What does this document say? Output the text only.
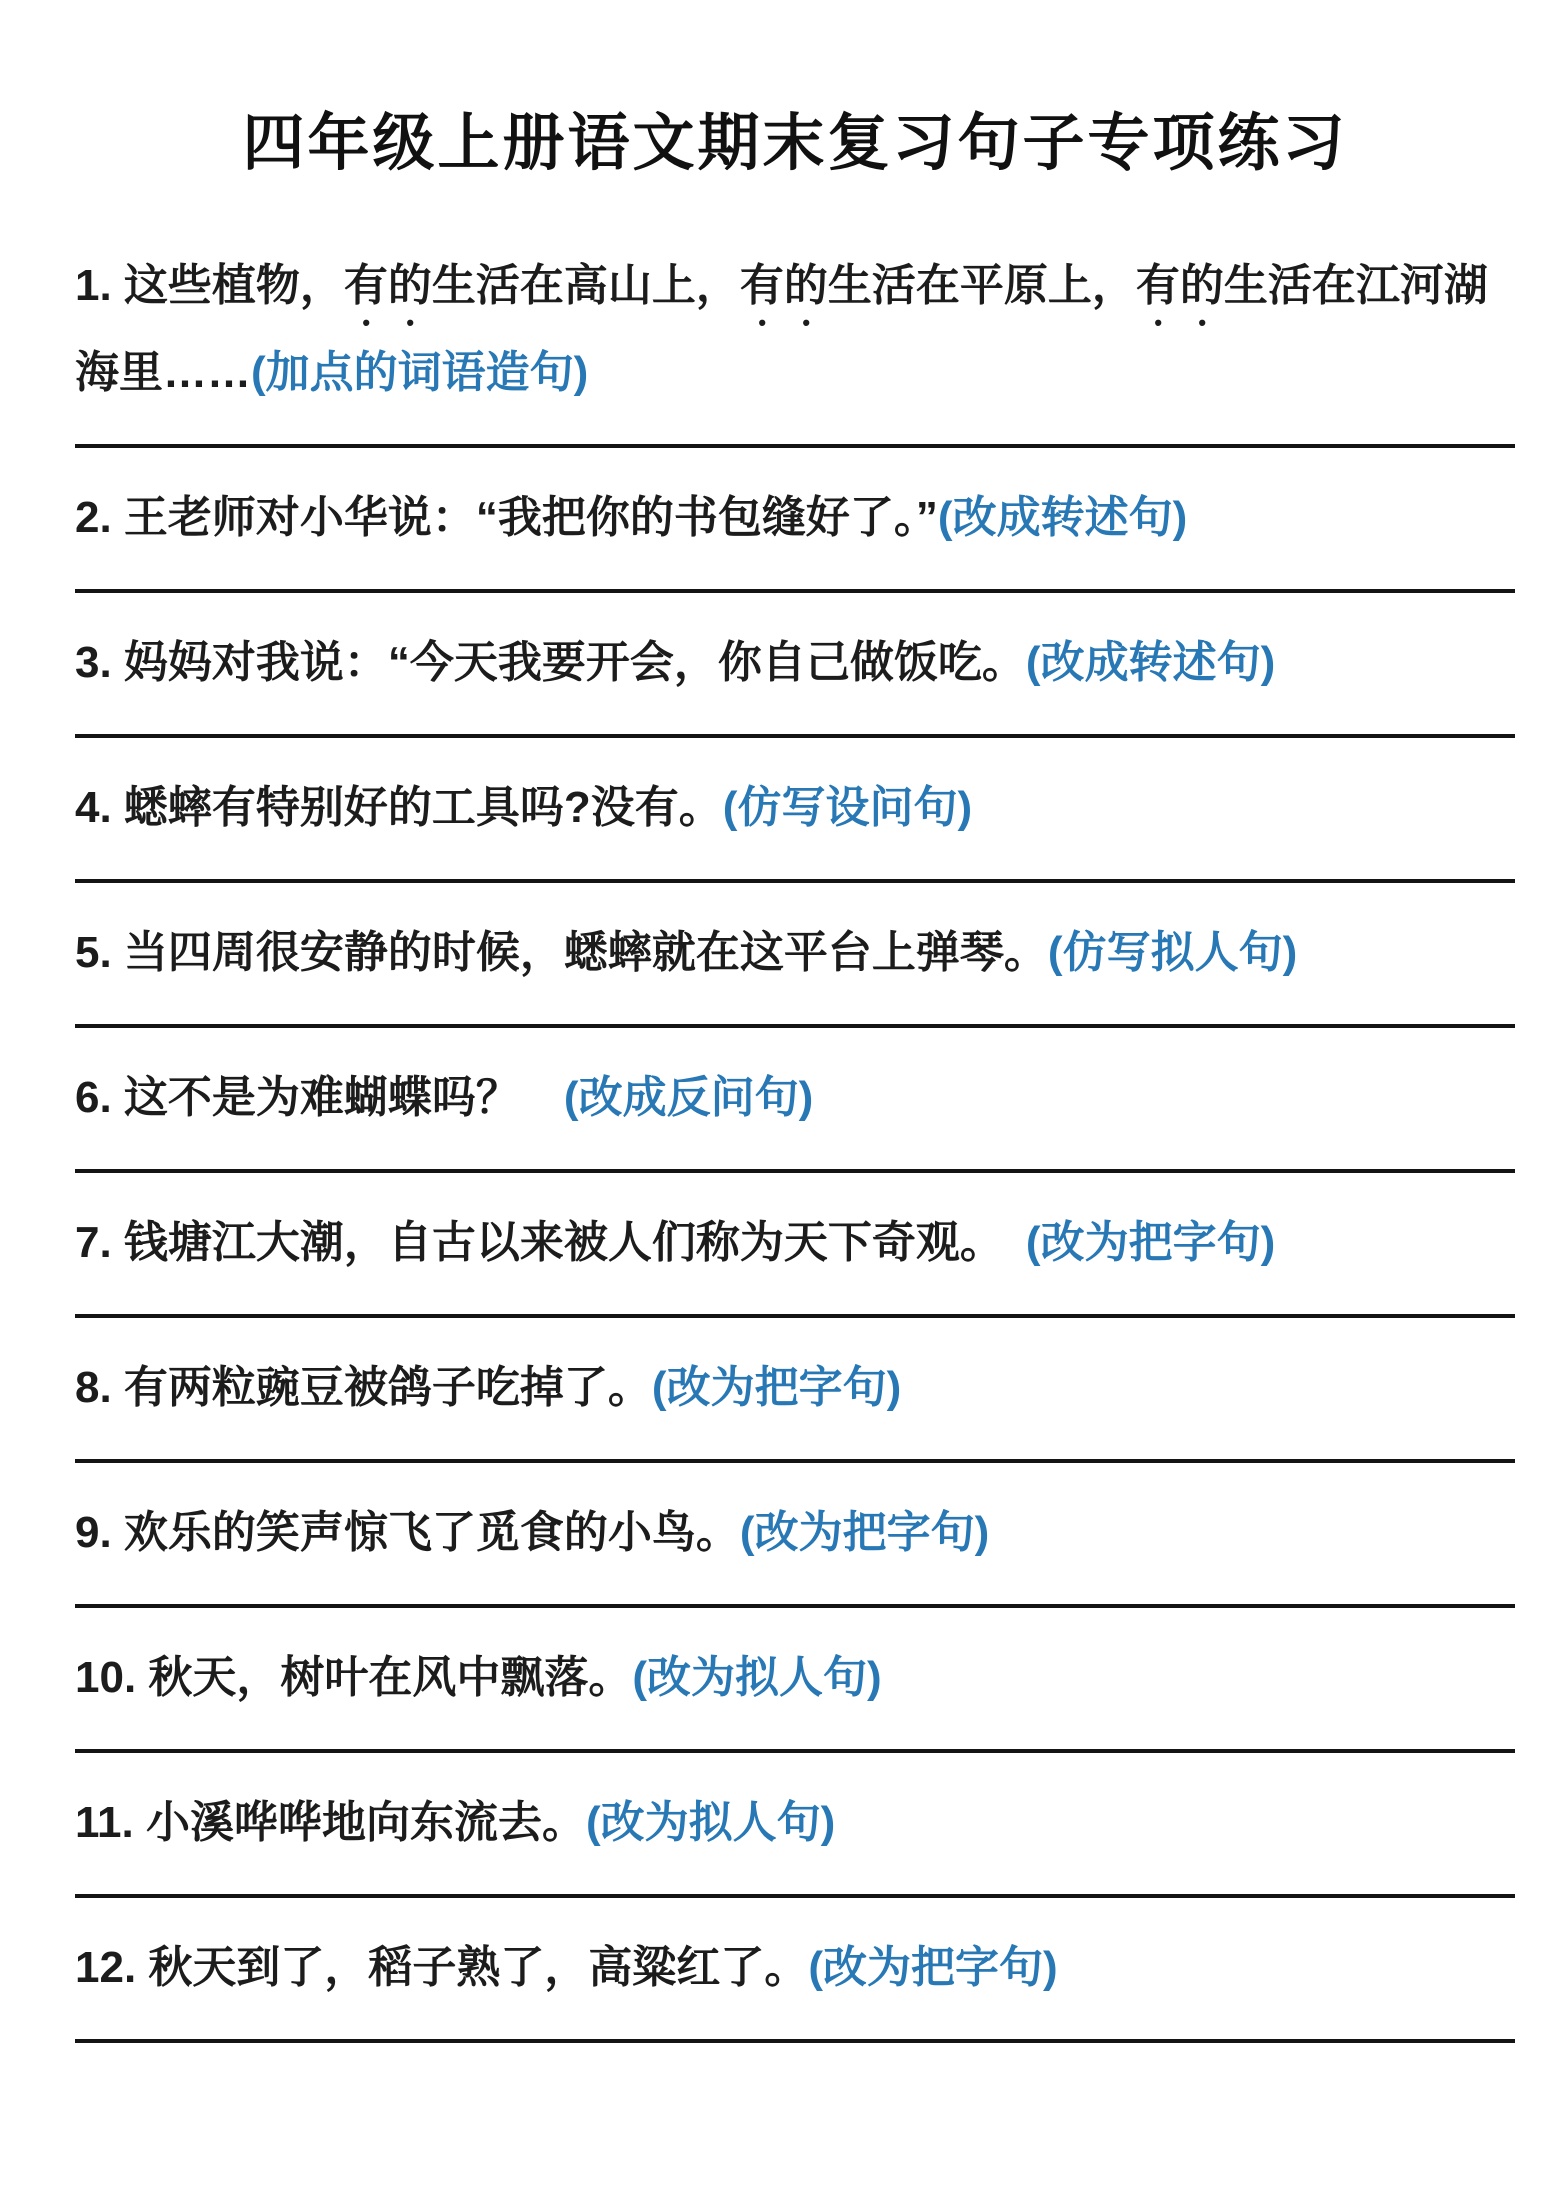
四年级上册语文期末复习句子专项练习

1. 这些植物，有的生活在高山上，有的生活在平原上，有的生活在江河湖海里……(加点的词语造句)

2. 王老师对小华说：“我把你的书包缝好了。”(改成转述句)

3. 妈妈对我说：“今天我要开会，你自己做饭吃。(改成转述句)

4. 蟋蟀有特别好的工具吗?没有。(仿写设问句)

5. 当四周很安静的时候，蟋蟀就在这平台上弹琴。(仿写拟人句)

6. 这不是为难蝴蝶吗？　(改成反问句)

7. 钱塘江大潮，自古以来被人们称为天下奇观。　(改为把字句)

8. 有两粒豌豆被鸽子吃掉了。(改为把字句)

9. 欢乐的笑声惊飞了觅食的小鸟。(改为把字句)

10. 秋天，树叶在风中飘落。(改为拟人句)

11. 小溪哗哗地向东流去。(改为拟人句)

12. 秋天到了，稻子熟了，高粱红了。(改为把字句)
